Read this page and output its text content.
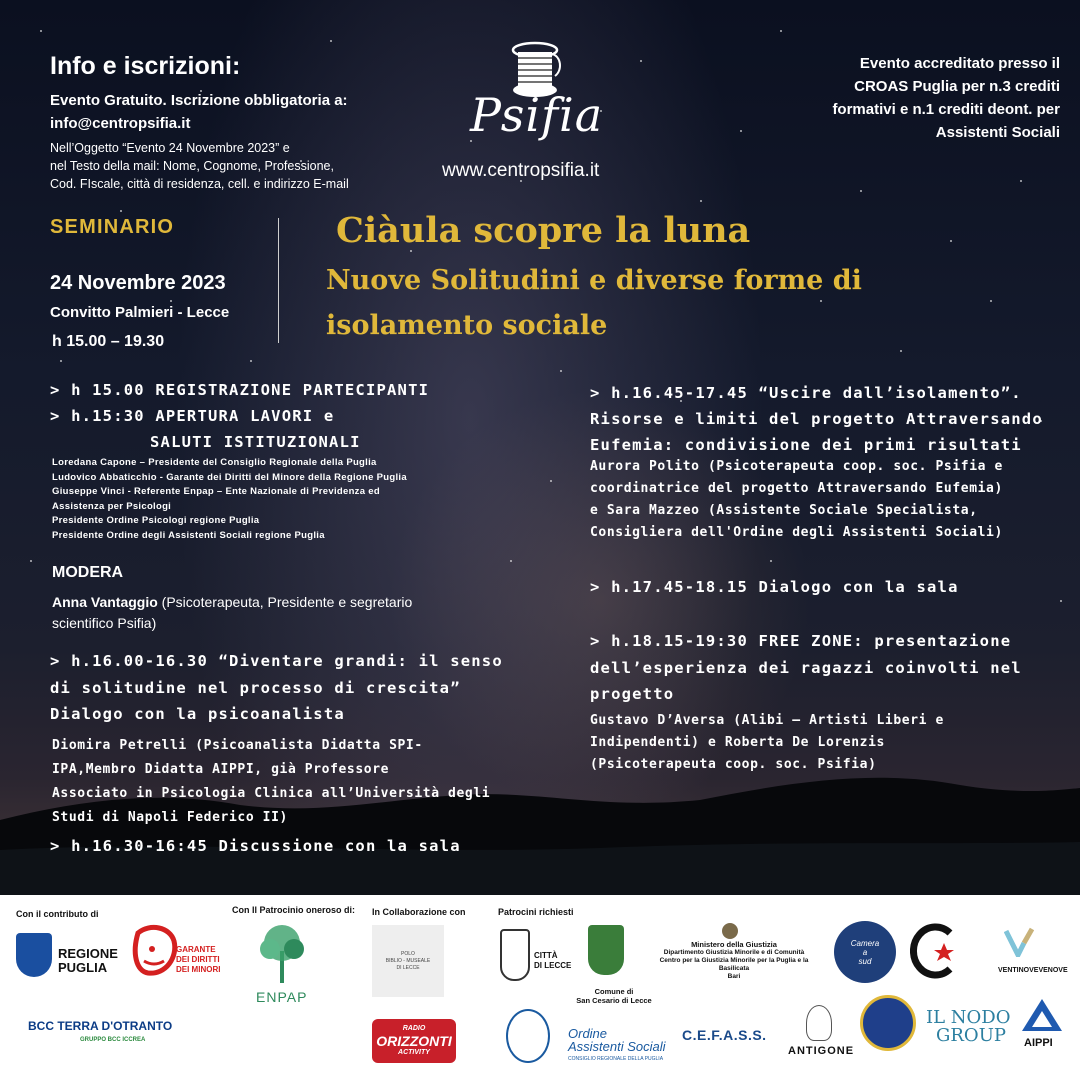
Info e iscrizioni:
Evento Gratuito. Iscrizione obbligatoria a:
info@centropsifia.it
Nell’Oggetto “Evento 24 Novembre 2023” e
nel Testo della mail: Nome, Cognome, Professione,
Cod. FIscale, città di residenza, cell. e indirizzo E-mail
Psifia
www.centropsifia.it
Evento accreditato presso il
CROAS Puglia per n.3 crediti
formativi e n.1 crediti deont. per
Assistenti Sociali
SEMINARIO
24 Novembre 2023
Convitto Palmieri - Lecce
h 15.00 – 19.30
Ciàula scopre la luna
Nuove Solitudini e diverse forme di
isolamento sociale
> h 15.00 REGISTRAZIONE PARTECIPANTI
> h.15:30 APERTURA LAVORI e
SALUTI ISTITUZIONALI
Loredana Capone – Presidente del Consiglio Regionale della Puglia
Ludovico Abbaticchio - Garante dei Diritti del Minore della Regione Puglia
Giuseppe Vinci - Referente Enpap – Ente Nazionale di Previdenza ed
Assistenza per Psicologi
Presidente Ordine Psicologi regione Puglia
Presidente Ordine degli Assistenti Sociali regione Puglia
MODERA
Anna Vantaggio (Psicoterapeuta, Presidente e segretario
scientifico Psifia)
> h.16.00-16.30 “Diventare grandi: il senso
di solitudine nel processo di crescita”
Dialogo con la psicoanalista
Diomira Petrelli (Psicoanalista Didatta SPI-
IPA,Membro Didatta AIPPI, già Professore
Associato in Psicologia Clinica all’Università degli
Studi di Napoli Federico II)
> h.16.30-16:45 Discussione con la sala
> h.16.45-17.45 “Uscire dall’isolamento”.
Risorse e limiti del progetto Attraversando
Eufemia: condivisione dei primi risultati
Aurora Polito (Psicoterapeuta coop. soc. Psifia e
coordinatrice del progetto Attraversando Eufemia)
e Sara Mazzeo (Assistente Sociale Specialista,
Consigliera dell'Ordine degli Assistenti Sociali)
> h.17.45-18.15 Dialogo con la sala
> h.18.15-19:30 FREE ZONE: presentazione
dell’esperienza dei ragazzi coinvolti nel
progetto
Gustavo D’Aversa (Alibi – Artisti Liberi e
Indipendenti) e Roberta De Lorenzis
(Psicoterapeuta coop. soc. Psifia)
Con il contributo di	Con Il Patrocinio oneroso di: In Collaborazione con	Patrocini richiesti
REGIONE
PUGLIA
GARANTE
DEI DIRITTI
DEI MINORI
BCC TERRA D'OTRANTO
GRUPPO BCC ICCREA
ENPAP
POLO
BIBLIO - MUSEALE
DI LECCE
RADIO
ORIZZONTI
ACTIVITY
CITTÀ
DI LECCE
Comune di
San Cesario di Lecce
Ministero della Giustizia
Dipartimento Giustizia Minorile e di Comunità
Centro per la Giustizia Minorile per la Puglia e la Basilicata
Bari
Camera
a
sud
VENTINOVEVENOVE
Ordine
Assistenti Sociali
CONSIGLIO REGIONALE DELLA PUGLIA
C.E.F.A.S.S.
ANTIGONE
IL NODO
GROUP	AIPPI
